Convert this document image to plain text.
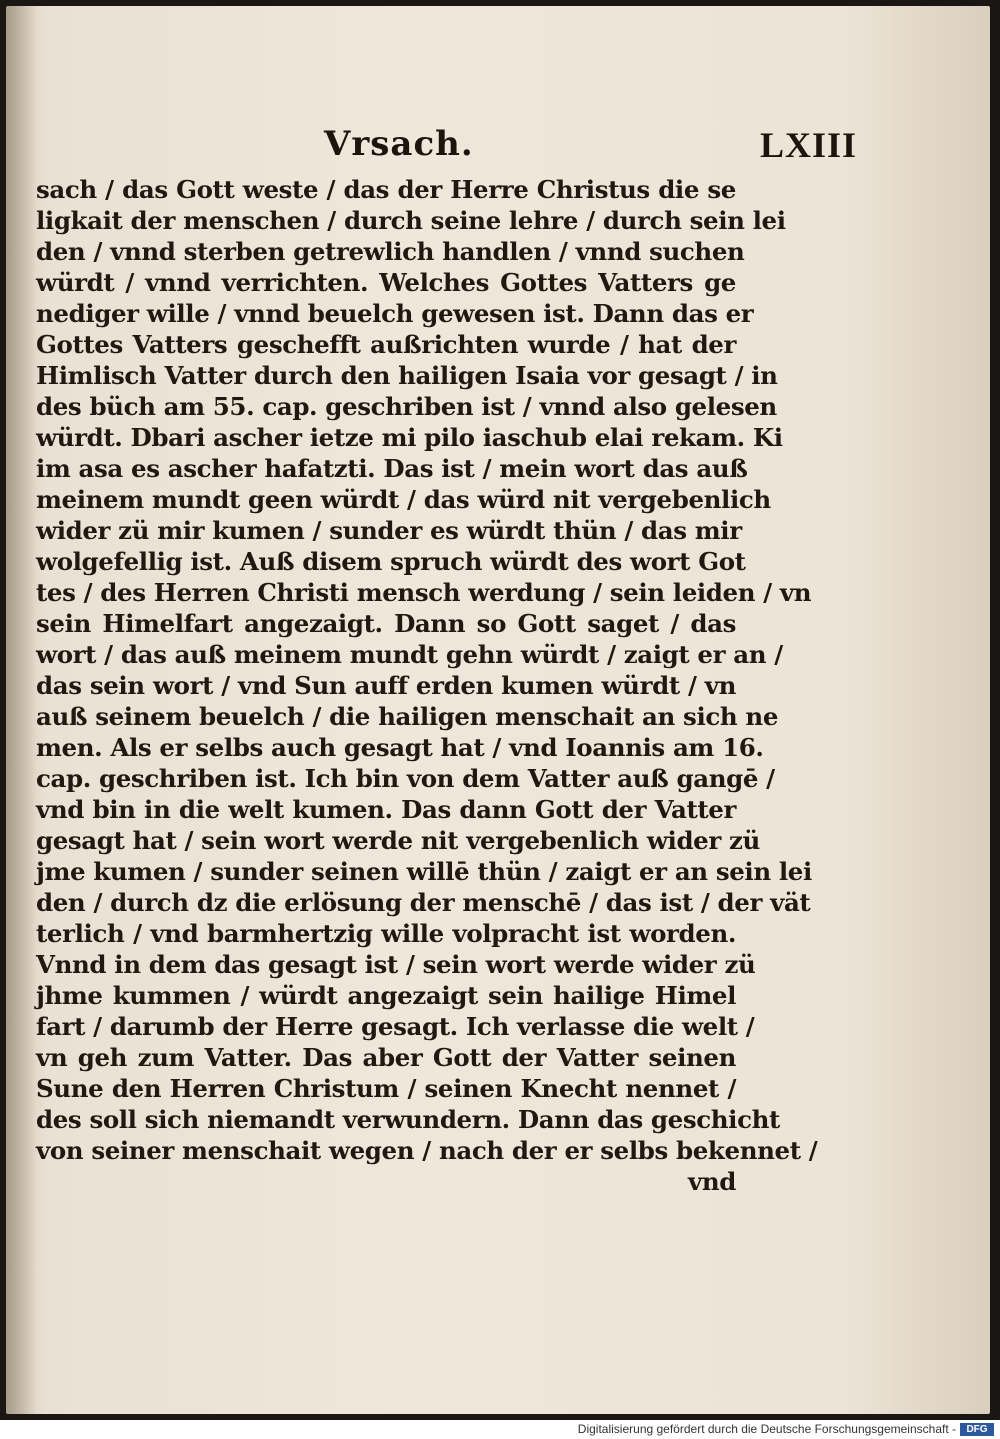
Vrsach.	LXIII
sach / das Gott weste / das der Herre Christus die se
ligkait der menschen / durch seine lehre / durch sein lei
den / vnnd sterben getrewlich handlen / vnnd suchen
würdt / vnnd verrichten. Welches Gottes Vatters ge
nediger wille / vnnd beuelch gewesen ist. Dann das er
Gottes Vatters geschefft außrichten wurde / hat der
Himlisch Vatter durch den hailigen Isaia vor gesagt / in
des büch am 55. cap. geschriben ist / vnnd also gelesen
würdt. Dbari ascher ietze mi pilo iaschub elai rekam. Ki
im asa es ascher hafatzti. Das ist / mein wort das auß
meinem mundt geen würdt / das würd nit vergebenlich
wider zü mir kumen / sunder es würdt thün / das mir
wolgefellig ist. Auß disem spruch würdt des wort Got
tes / des Herren Christi mensch werdung / sein leiden / vn
sein Himelfart angezaigt. Dann so Gott saget / das
wort / das auß meinem mundt gehn würdt / zaigt er an /
das sein wort / vnd Sun auff erden kumen würdt / vn
auß seinem beuelch / die hailigen menschait an sich ne
men. Als er selbs auch gesagt hat / vnd Ioannis am 16.
cap. geschriben ist. Ich bin von dem Vatter auß gangē /
vnd bin in die welt kumen. Das dann Gott der Vatter
gesagt hat / sein wort werde nit vergebenlich wider zü
jme kumen / sunder seinen willē thün / zaigt er an sein lei
den / durch dz die erlösung der menschē / das ist / der vät
terlich / vnd barmhertzig wille volpracht ist worden.
Vnnd in dem das gesagt ist / sein wort werde wider zü
jhme kummen / würdt angezaigt sein hailige Himel
fart / darumb der Herre gesagt. Ich verlasse die welt /
vn geh zum Vatter. Das aber Gott der Vatter seinen
Sune den Herren Christum / seinen Knecht nennet /
des soll sich niemandt verwundern. Dann das geschicht
von seiner menschait wegen / nach der er selbs bekennet /
vnd
Digitalisierung gefördert durch die Deutsche Forschungsgemeinschaft -	DFG
